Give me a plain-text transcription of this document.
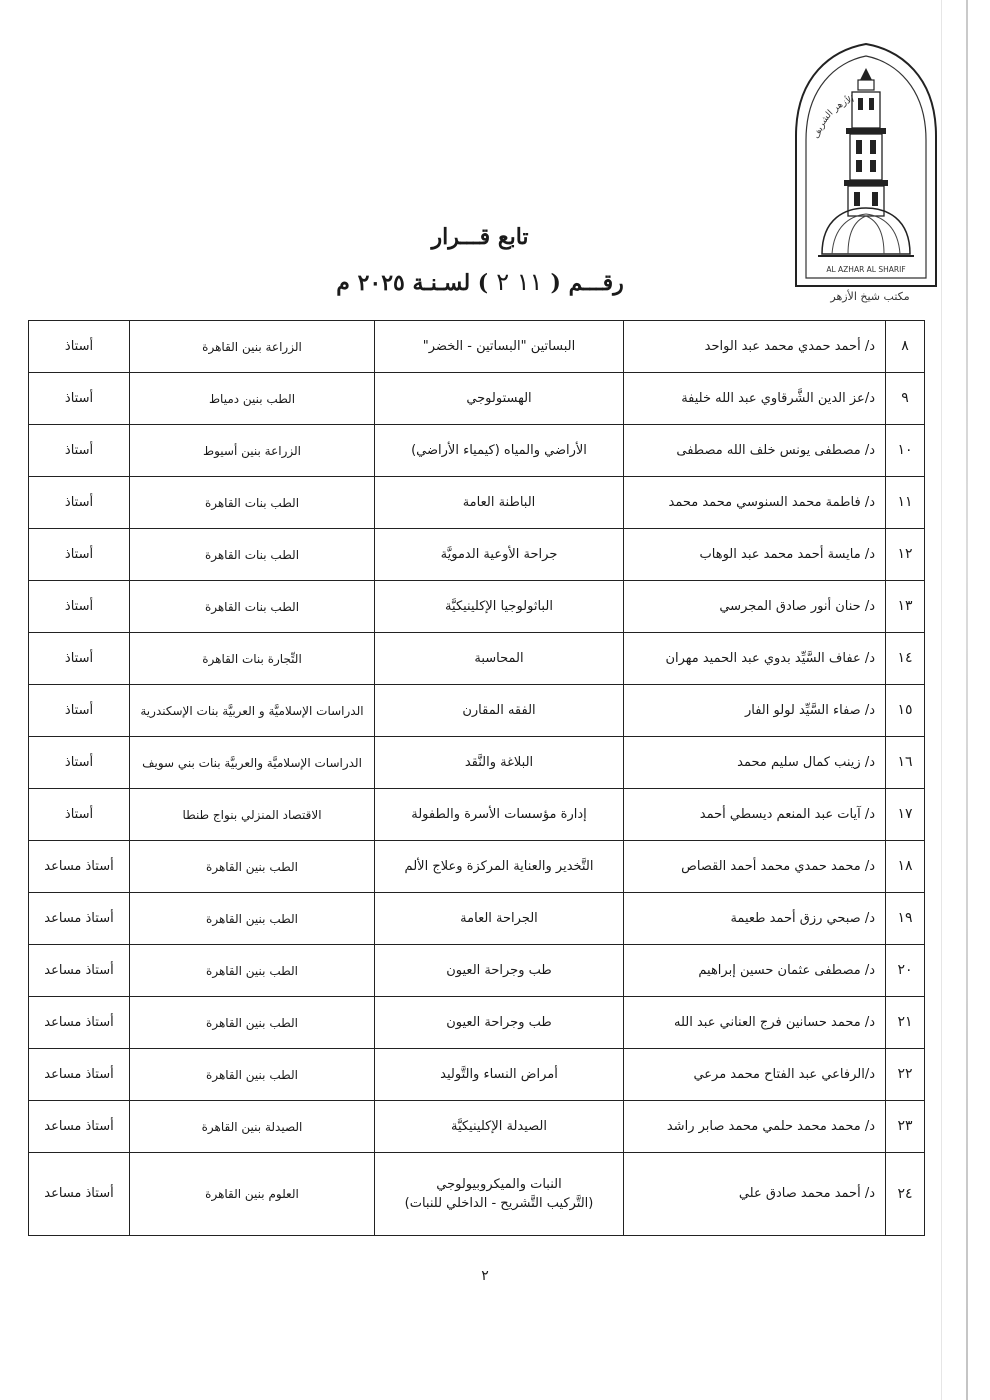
الأزهر الشريف
AL AZHAR AL SHARIF
مكتب شيخ الأزهر
تابع قـــرار
رقـــم (١١ ٢) لسـنـة ٢٠٢٥ م
٨	د/ أحمد حمدي محمد عبد الواحد	البساتين "البساتين - الخضر"	الزراعة بنين القاهرة	أستاذ
٩	د/عز الدين الشَّرقاوي عبد الله خليفة	الهستولوجي	الطب بنين دمياط	أستاذ
١٠	د/ مصطفى يونس خلف الله مصطفى	الأراضي والمياه (كيمياء الأراضي)	الزراعة بنين أسيوط	أستاذ
١١	د/ فاطمة محمد السنوسي محمد محمد	الباطنة العامة	الطب بنات القاهرة	أستاذ
١٢	د/ مايسة أحمد محمد عبد الوهاب	جراحة الأوعية الدمويَّة	الطب بنات القاهرة	أستاذ
١٣	د/ حنان أنور صادق المجرسي	الباثولوجيا الإكلينيكيَّة	الطب بنات القاهرة	أستاذ
١٤	د/ عفاف السَّيِّد بدوي عبد الحميد مهران	المحاسبة	التِّجارة بنات القاهرة	أستاذ
١٥	د/ صفاء السَّيِّد لولو الفار	الفقه المقارن	الدراسات الإسلاميَّة و العربيَّة بنات الإسكندرية	أستاذ
١٦	د/ زينب كمال سليم محمد	البلاغة والنَّقد	الدراسات الإسلاميَّة والعربيَّة بنات بني سويف	أستاذ
١٧	د/ آيات عبد المنعم ديسطي أحمد	إدارة مؤسسات الأسرة والطفولة	الاقتصاد المنزلي بنواج طنطا	أستاذ
١٨	د/ محمد حمدي محمد أحمد القصاص	التَّخدير والعناية المركزة وعلاج الألم	الطب بنين القاهرة	أستاذ مساعد
١٩	د/ صبحي رزق أحمد طعيمة	الجراحة العامة	الطب بنين القاهرة	أستاذ مساعد
٢٠	د/ مصطفى عثمان حسين إبراهيم	طب وجراحة العيون	الطب بنين القاهرة	أستاذ مساعد
٢١	د/ محمد حسانين فرج العناني عبد الله	طب وجراحة العيون	الطب بنين القاهرة	أستاذ مساعد
٢٢	د/الرفاعي عبد الفتاح محمد مرعي	أمراض النساء والتَّوليد	الطب بنين القاهرة	أستاذ مساعد
٢٣	د/ محمد محمد حلمي محمد صابر راشد	الصيدلة الإكلينيكيَّة	الصيدلة بنين القاهرة	أستاذ مساعد
٢٤	د/ أحمد محمد صادق علي	النبات والميكروبيولوجي
(التَّركيب التَّشريح - الداخلي للنبات)	العلوم بنين القاهرة	أستاذ مساعد
٢
